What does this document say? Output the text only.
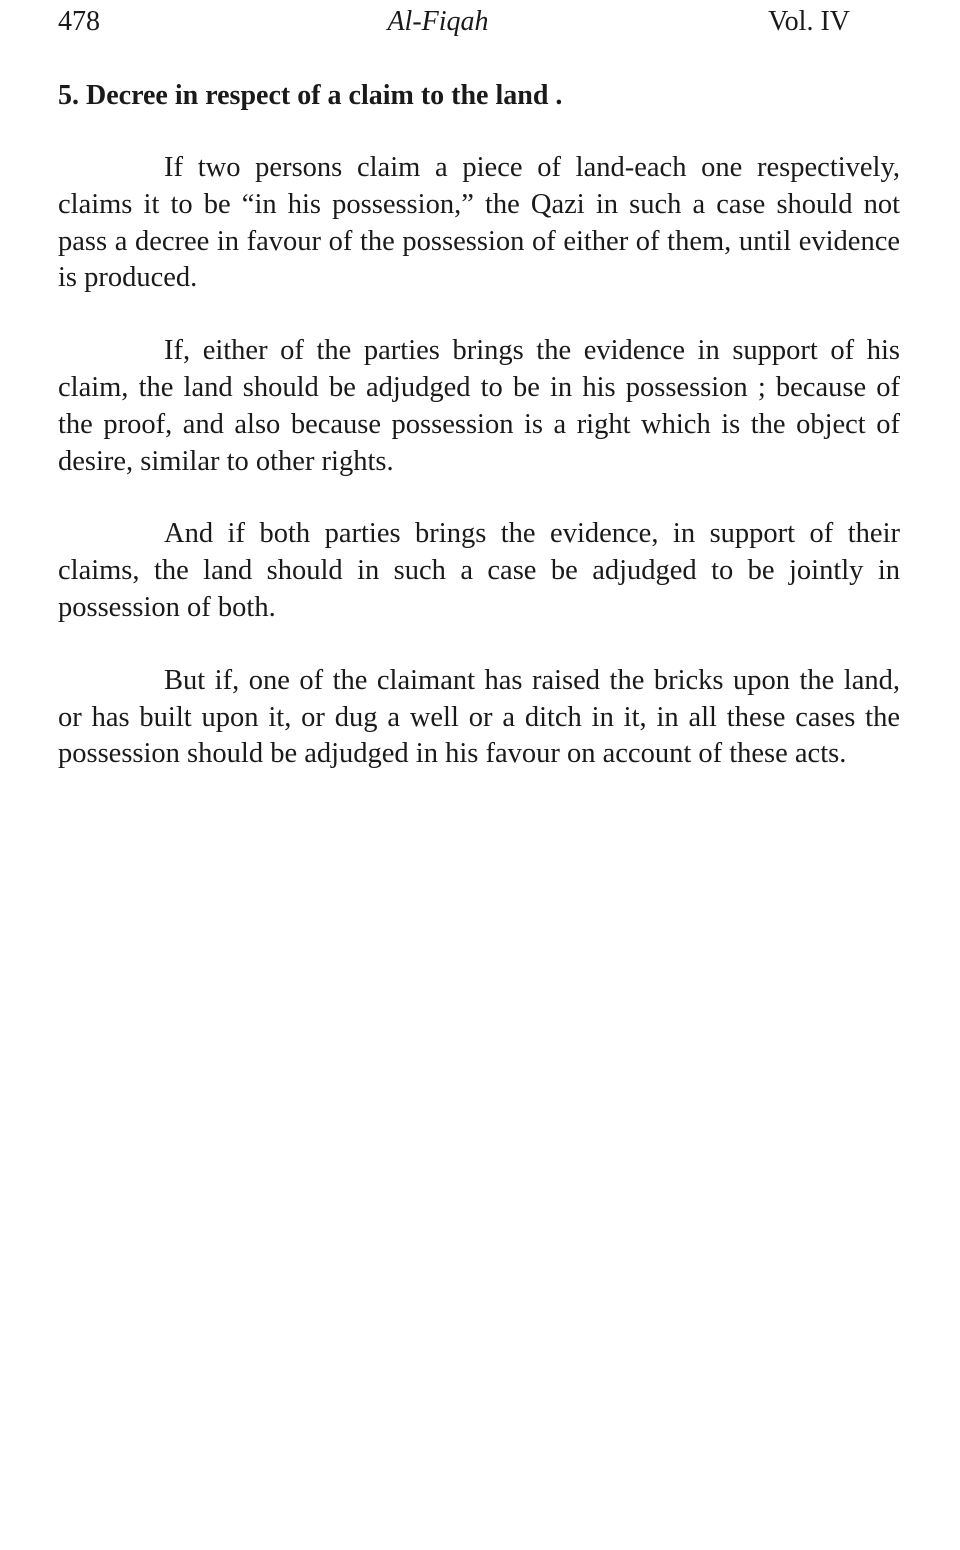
478	Al-Fiqah	Vol. IV
5. Decree in respect of a claim to the land .

If two persons claim a piece of land-each one respectively, claims it to be “in his possession,” the Qazi in such a case should not pass a decree in favour of the possession of either of them, until evidence is produced.

If, either of the parties brings the evidence in support of his claim, the land should be adjudged to be in his possession ; because of the proof, and also because possession is a right which is the object of desire, similar to other rights.

And if both parties brings the evidence, in support of their claims, the land should in such a case be adjudged to be jointly in possession of both.

But if, one of the claimant has raised the bricks upon the land, or has built upon it, or dug a well or a ditch in it, in all these cases the possession should be adjudged in his favour on account of these acts.
